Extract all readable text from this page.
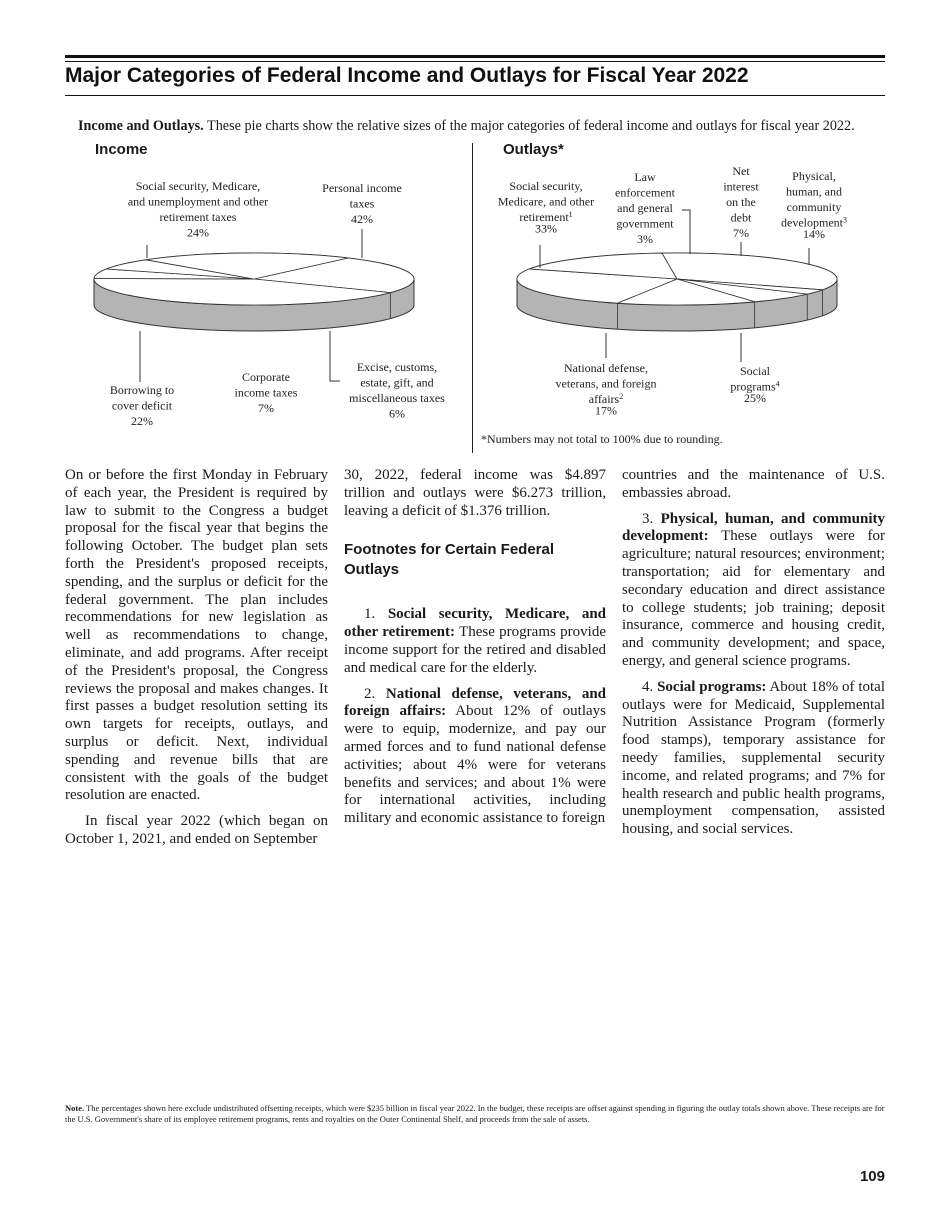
Major Categories of Federal Income and Outlays for Fiscal Year 2022
Income and Outlays. These pie charts show the relative sizes of the major categories of federal income and outlays for fiscal year 2022.
Income	Outlays*
Social security, Medicare, and unemployment and other retirement taxes 24%
Personal income taxes 42%
Excise, customs, estate, gift, and miscellaneous taxes 6%
Corporate income taxes 7%
Borrowing to cover deficit 22%
Social security, Medicare, and other retirement$^1$ 33%
Law enforcement and general government 3%
Net interest on the debt 7%
Physical, human, and community development$^3$ 14%
Social programs$^4$ 25%
National defense, veterans, and foreign affairs$^2$ 17%
*Numbers may not total to 100% due to rounding.

On or before the first Monday in February of each year, the President is required by law to submit to the Congress a budget proposal for the fiscal year that begins the following October. The budget plan sets forth the President's proposed receipts, spending, and the surplus or deficit for the federal government. The plan includes recommendations for new legislation as well as recommendations to change, eliminate, and add programs. After receipt of the President's proposal, the Congress reviews the proposal and makes changes. It first passes a budget resolution setting its own targets for receipts, outlays, and surplus or deficit. Next, individual spending and revenue bills that are consistent with the goals of the budget resolution are enacted.

In fiscal year 2022 (which began on October 1, 2021, and ended on September

30, 2022, federal income was $4.897 trillion and outlays were $6.273 trillion, leaving a deficit of $1.376 trillion.

Footnotes for Certain Federal Outlays

1. Social security, Medicare, and other retirement: These programs provide income support for the retired and disabled and medical care for the elderly.

2. National defense, veterans, and foreign affairs: About 12% of outlays were to equip, modernize, and pay our armed forces and to fund national defense activities; about 4% were for veterans benefits and services; and about 1% were for international activities, including military and economic assistance to foreign

countries and the maintenance of U.S. embassies abroad.

3. Physical, human, and community development: These outlays were for agriculture; natural resources; environment; transportation; aid for elementary and secondary education and direct assistance to college students; job training; deposit insurance, commerce and housing credit, and community development; and space, energy, and general science programs.

4. Social programs: About 18% of total outlays were for Medicaid, Supplemental Nutrition Assistance Program (formerly food stamps), temporary assistance for needy families, supplemental security income, and related programs; and 7% for health research and public health programs, unemployment compensation, assisted housing, and social services.

Note. The percentages shown here exclude undistributed offsetting receipts, which were $235 billion in fiscal year 2022. In the budget, these receipts are offset against spending in figuring the outlay totals shown above. These receipts are for the U.S. Government's share of its employee retirement programs, rents and royalties on the Outer Continental Shelf, and proceeds from the sale of assets.
109
